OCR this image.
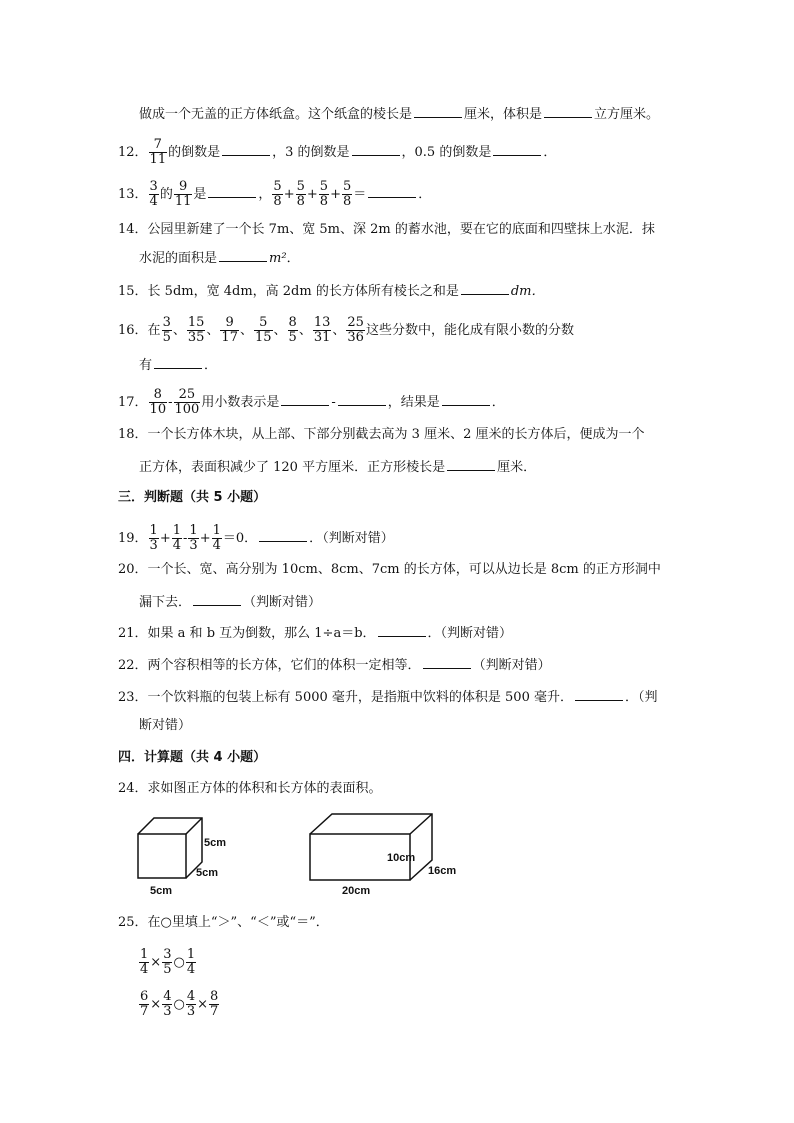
做成一个无盖的正方体纸盒。这个纸盒的棱长是	厘米，体积是	立方厘米。
12． $\frac{7}{11}$ 的倒数是	，3 的倒数是	，0.5 的倒数是	．
13． $\frac{3}{4}$ 的 $\frac{9}{11}$ 是	， $\frac{5}{8} + \frac{5}{8} + \frac{5}{8} + \frac{5}{8}$ ＝	．
14．公园里新建了一个长 7m、宽 5m、深 2m 的蓄水池，要在它的底面和四壁抹上水泥．抹
水泥的面积是	m²．
15．长 5dm，宽 4dm，高 2dm 的长方体所有棱长之和是	dm．
16．在 $\frac{3}{5}$ 、 $\frac{15}{35}$ 、 $\frac{9}{17}$ 、 $\frac{5}{15}$ 、 $\frac{8}{5}$ 、 $\frac{13}{31}$ 、 $\frac{25}{36}$ 这些分数中，能化成有限小数的分数
有	．
17． $\frac{8}{10} - \frac{25}{100}$ 用小数表示是	-	，结果是	．
18．一个长方体木块，从上部、下部分别截去高为 3 厘米、2 厘米的长方体后，便成为一个
正方体，表面积减少了 120 平方厘米．正方形棱长是	厘米．
三．判断题（共 5 小题）
19． $\frac{1}{3} + \frac{1}{4} - \frac{1}{3} + \frac{1}{4} =0$．	．（判断对错）
20．一个长、宽、高分别为 10cm、8cm、7cm 的长方体，可以从边长是 8cm 的正方形洞中
漏下去．	（判断对错）
21．如果 a 和 b 互为倒数，那么 1÷a＝b．	．（判断对错）
22．两个容积相等的长方体，它们的体积一定相等．	（判断对错）
23．一个饮料瓶的包装上标有 5000 毫升，是指瓶中饮料的体积是 500 毫升．	．（判
断对错）
四．计算题（共 4 小题）
24．求如图正方体的体积和长方体的表面积。
5cm
5cm
5cm
10cm
16cm
20cm
25．在○里填上“＞”、“＜”或“＝”．
$\frac{1}{4} \times \frac{3}{5}$ ○ $\frac{1}{4}$
$\frac{6}{7} \times \frac{4}{3}$ ○ $\frac{4}{3} \times \frac{8}{7}$
